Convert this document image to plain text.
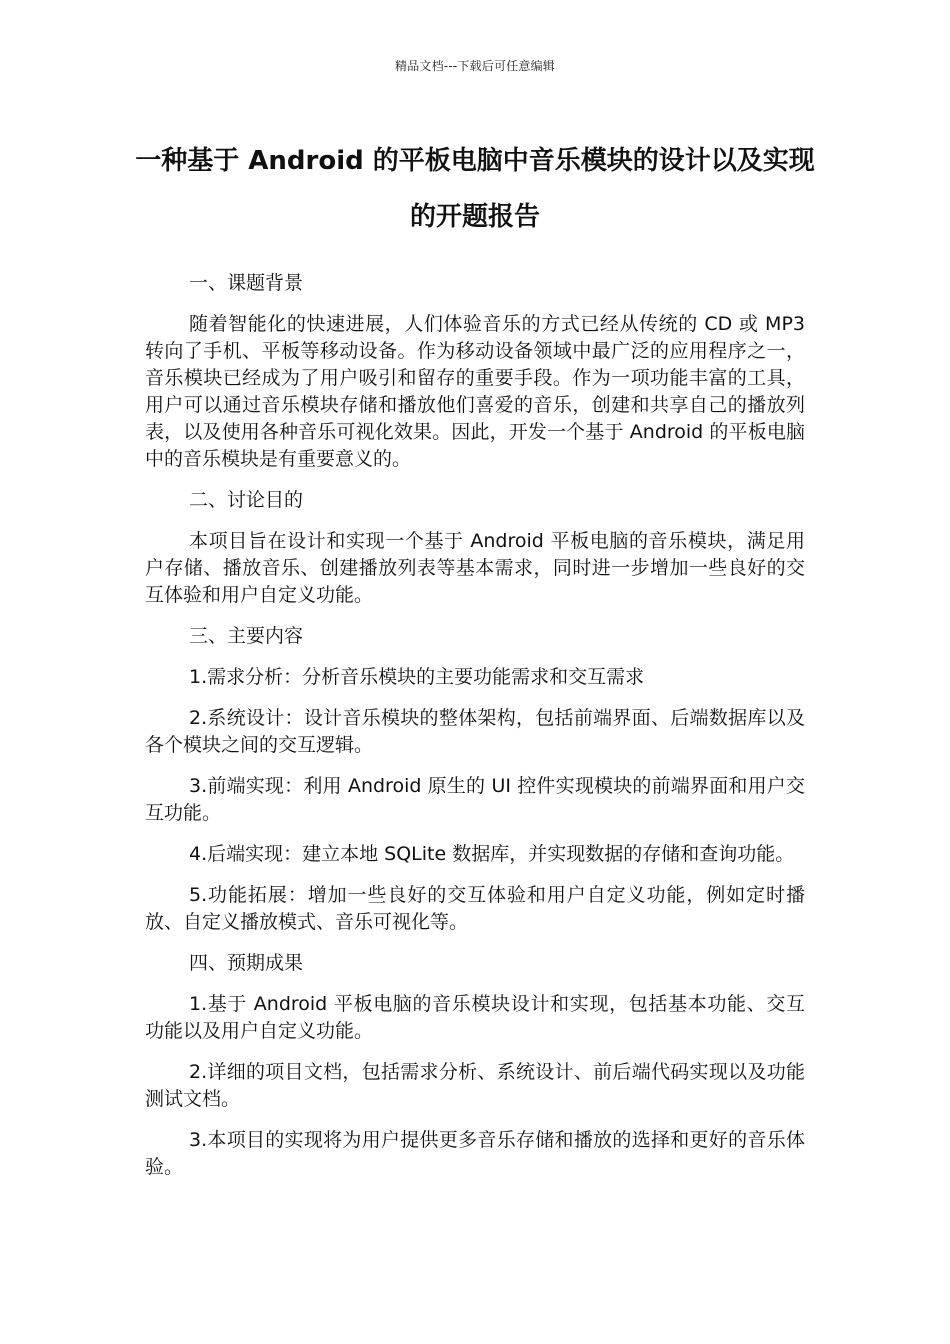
精品文档---下载后可任意编辑
一种基于 Android 的平板电脑中音乐模块的设计以及实现的开题报告

一、课题背景

随着智能化的快速进展，人们体验音乐的方式已经从传统的 CD 或 MP3 转向了手机、平板等移动设备。作为移动设备领域中最广泛的应用程序之一，音乐模块已经成为了用户吸引和留存的重要手段。作为一项功能丰富的工具，用户可以通过音乐模块存储和播放他们喜爱的音乐，创建和共享自己的播放列表，以及使用各种音乐可视化效果。因此，开发一个基于 Android 的平板电脑中的音乐模块是有重要意义的。

二、讨论目的

本项目旨在设计和实现一个基于 Android 平板电脑的音乐模块，满足用户存储、播放音乐、创建播放列表等基本需求，同时进一步增加一些良好的交互体验和用户自定义功能。

三、主要内容

1.需求分析：分析音乐模块的主要功能需求和交互需求

2.系统设计：设计音乐模块的整体架构，包括前端界面、后端数据库以及各个模块之间的交互逻辑。

3.前端实现：利用 Android 原生的 UI 控件实现模块的前端界面和用户交互功能。

4.后端实现：建立本地 SQLite 数据库，并实现数据的存储和查询功能。

5.功能拓展：增加一些良好的交互体验和用户自定义功能，例如定时播放、自定义播放模式、音乐可视化等。

四、预期成果

1.基于 Android 平板电脑的音乐模块设计和实现，包括基本功能、交互功能以及用户自定义功能。

2.详细的项目文档，包括需求分析、系统设计、前后端代码实现以及功能测试文档。

3.本项目的实现将为用户提供更多音乐存储和播放的选择和更好的音乐体验。
